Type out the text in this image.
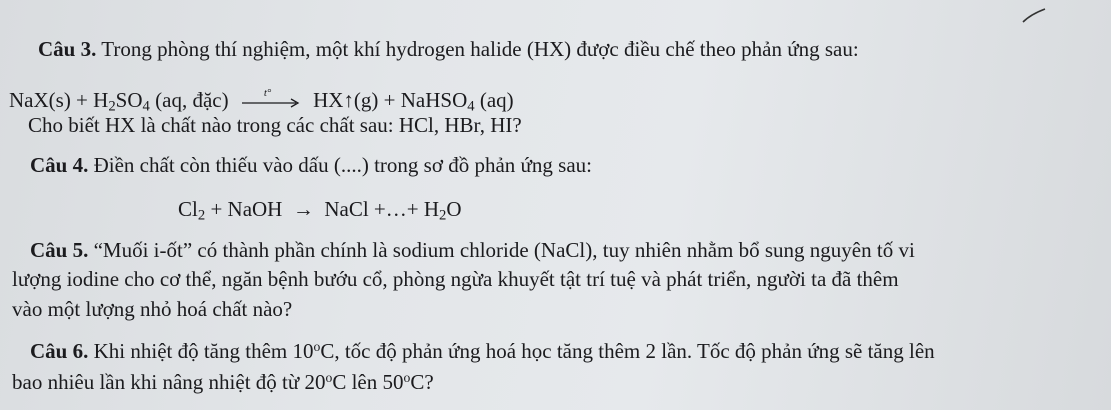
Câu 3. Trong phòng thí nghiệm, một khí hydrogen halide (HX) được điều chế theo phản ứng sau:
$NaX(s) + H_2SO_4$ (aq, đặc)	t° HX↑(g) + NaHSO$_4$ (aq)
Cho biết HX là chất nào trong các chất sau: HCl, HBr, HI?
Câu 4. Điền chất còn thiếu vào dấu (....) trong sơ đồ phản ứng sau:
$Cl_2$ + NaOH  →  NaCl +…+ $H_2O$
Câu 5. “Muối i-ốt” có thành phần chính là sodium chloride (NaCl), tuy nhiên nhằm bổ sung nguyên tố vi
lượng iodine cho cơ thể, ngăn bệnh bướu cổ, phòng ngừa khuyết tật trí tuệ và phát triển, người ta đã thêm
vào một lượng nhỏ hoá chất nào?
Câu 6. Khi nhiệt độ tăng thêm 10$^o$C, tốc độ phản ứng hoá học tăng thêm 2 lần. Tốc độ phản ứng sẽ tăng lên
bao nhiêu lần khi nâng nhiệt độ từ 20$^o$C lên 50$^o$C?
